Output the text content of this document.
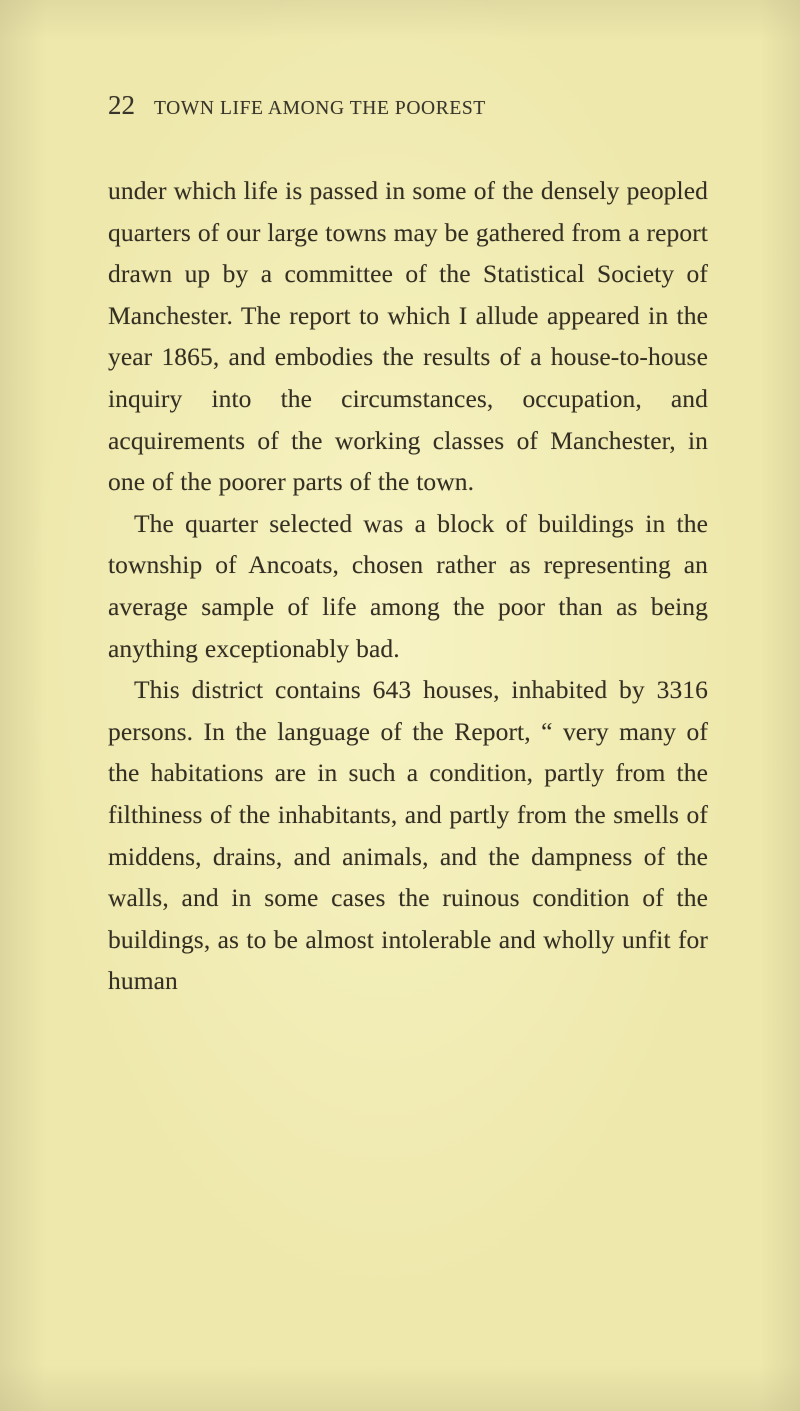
22 TOWN LIFE AMONG THE POOREST

under which life is passed in some of the densely peopled quarters of our large towns may be gathered from a report drawn up by a committee of the Statistical Society of Manchester. The report to which I allude appeared in the year 1865, and embodies the results of a house-to-house inquiry into the circumstances, occupation, and acquirements of the working classes of Manchester, in one of the poorer parts of the town.

The quarter selected was a block of buildings in the township of Ancoats, chosen rather as representing an average sample of life among the poor than as being anything exceptionably bad.

This district contains 643 houses, inhabited by 3316 persons. In the language of the Report, “ very many of the habitations are in such a condition, partly from the filthiness of the inhabitants, and partly from the smells of middens, drains, and animals, and the dampness of the walls, and in some cases the ruinous condition of the buildings, as to be almost intolerable and wholly unfit for human
